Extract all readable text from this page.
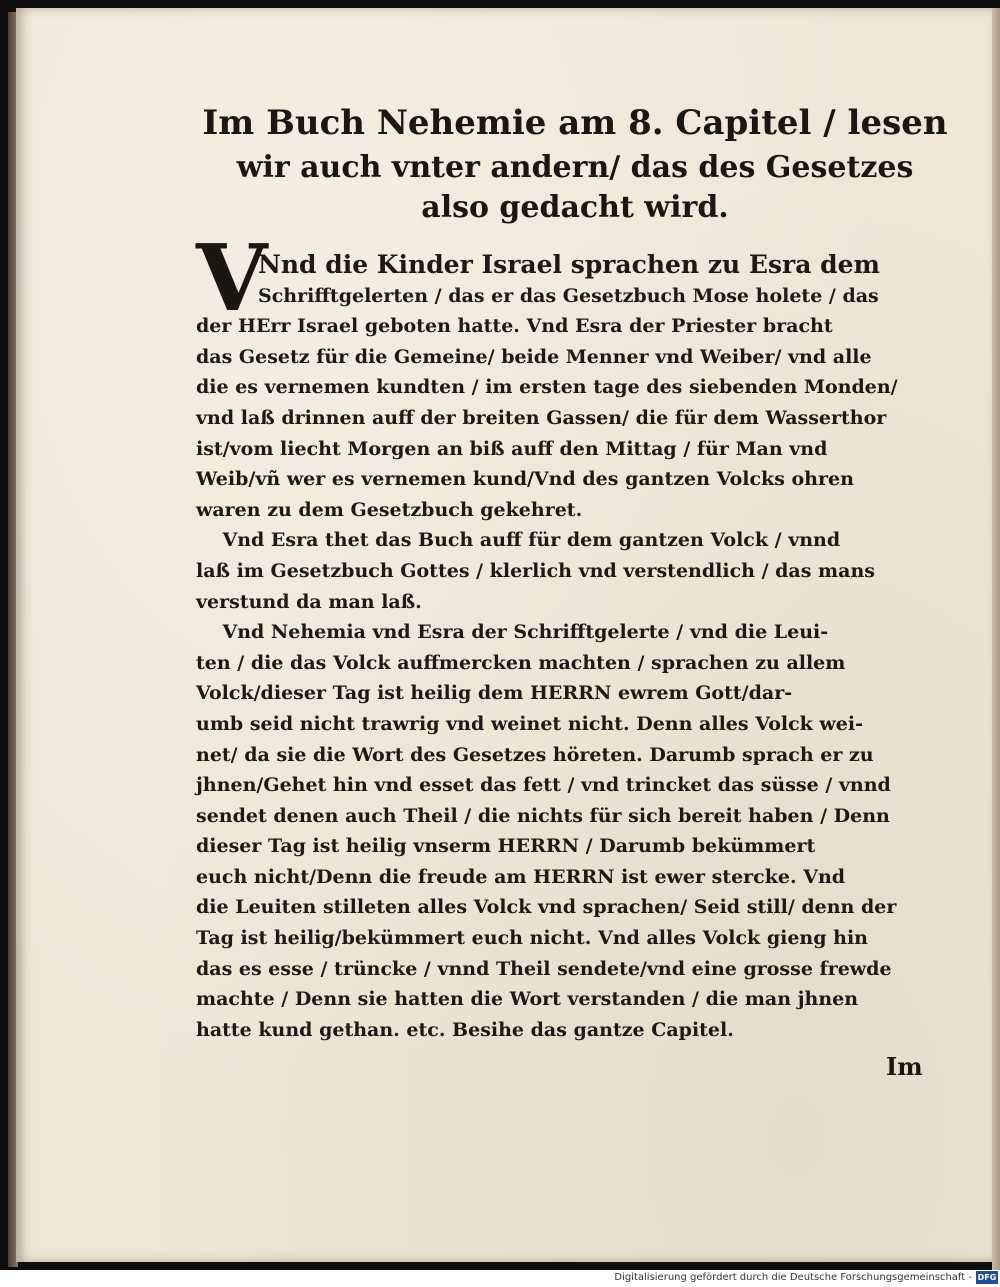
Im Buch Nehemie am 8. Capitel / lesen
wir auch vnter andern/ das des Gesetzes
also gedacht wird.
V
Nnd die Kinder Israel sprachen zu Esra dem
Schrifftgelerten / das er das Gesetzbuch Mose holete / das
der HErr Israel geboten hatte. Vnd Esra der Priester bracht
das Gesetz für die Gemeine/ beide Menner vnd Weiber/ vnd alle
die es vernemen kundten / im ersten tage des siebenden Monden/
vnd laß drinnen auff der breiten Gassen/ die für dem Wasserthor
ist/vom liecht Morgen an biß auff den Mittag / für Man vnd
Weib/vñ wer es vernemen kund/Vnd des gantzen Volcks ohren
waren zu dem Gesetzbuch gekehret.
Vnd Esra thet das Buch auff für dem gantzen Volck / vnnd
laß im Gesetzbuch Gottes / klerlich vnd verstendlich / das mans
verstund da man laß.
Vnd Nehemia vnd Esra der Schrifftgelerte / vnd die Leui-
ten / die das Volck auffmercken machten / sprachen zu allem
Volck/dieser Tag ist heilig dem HERRN ewrem Gott/dar-
umb seid nicht trawrig vnd weinet nicht. Denn alles Volck wei-
net/ da sie die Wort des Gesetzes höreten. Darumb sprach er zu
jhnen/Gehet hin vnd esset das fett / vnd trincket das süsse / vnnd
sendet denen auch Theil / die nichts für sich bereit haben / Denn
dieser Tag ist heilig vnserm HERRN / Darumb bekümmert
euch nicht/Denn die freude am HERRN ist ewer stercke. Vnd
die Leuiten stilleten alles Volck vnd sprachen/ Seid still/ denn der
Tag ist heilig/bekümmert euch nicht. Vnd alles Volck gieng hin
das es esse / trüncke / vnnd Theil sendete/vnd eine grosse frewde
machte / Denn sie hatten die Wort verstanden / die man jhnen
hatte kund gethan. etc. Besihe das gantze Capitel.
Im
Digitalisierung gefördert durch die Deutsche Forschungsgemeinschaft - DFG
